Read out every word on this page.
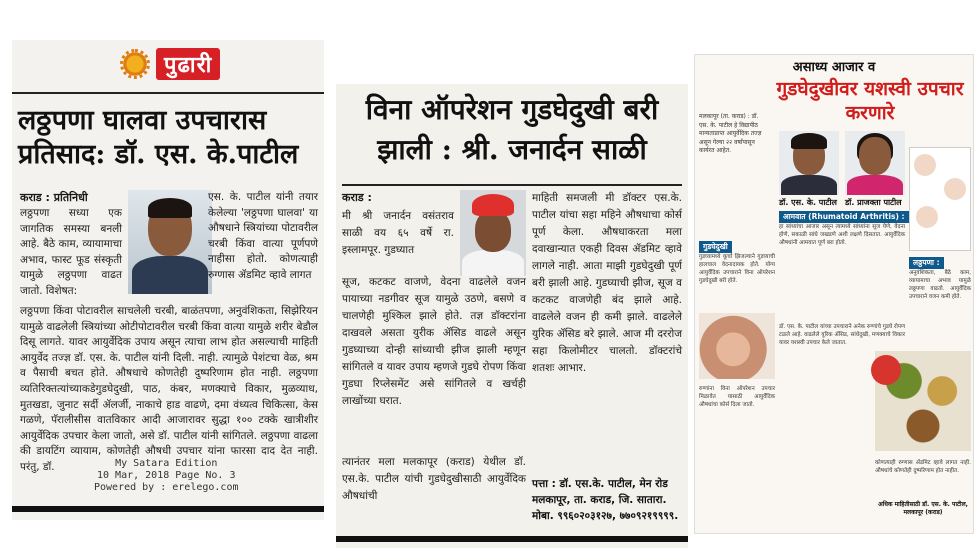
पुढारी
लठ्ठपणा घालवा उपचारास प्रतिसाद: डॉ. एस. के.पाटील
कराड : प्रतिनिधी
लठ्ठपणा सध्या एक जागतिक समस्या बनली आहे. बैठे काम, व्यायामाचा अभाव, फास्ट फूड संस्कृती यामुळे लठ्ठपणा वाढत जातो. विशेषत:
एस. के. पाटील यांनी तयार केलेल्या 'लठ्ठपणा घालवा' या औषधाने स्त्रियांच्या पोटावरील चरबी किंवा वात्या पूर्णपणे नाहीसा होतो. कोणत्याही रुग्णास ॲडमिट व्हावे लागत
लठ्ठपणा किंवा पोटावरील साचलेली चरबी, बाळंतपणा, अनुवंशिकता, सिझेरियन यामुळे वाढलेली स्त्रियांच्या ओटीपोटावरील चरबी किंवा वात्या यामुळे शरीर बेडौल दिसू लागते. यावर आयुर्वेदिक उपाय असून त्याचा लाभ होत असल्याची माहिती आयुर्वेद तज्ज्ञ डॉ. एस. के. पाटील यांनी दिली. नाही. त्यामुळे पेशंटचा वेळ, श्रम व पैसाची बचत होते. औषधाचे कोणतेही दुष्परिणाम होत नाही. लठ्ठपणा व्यतिरिक्तत्यांच्याकडेगुडघेदुखी, पाठ, कंबर, मणक्याचे विकार, मुळव्याध, मुतखडा, जुनाट सर्दी ॲलर्जी, नाकाचे हाड वाढणे, दमा वंध्यत्व चिकित्सा, केस गळणे, पॅरालीसीस वातविकार आदी आजारावर सुद्धा १०० टक्के खात्रीशीर आयुर्वेदिक उपचार केला जातो, असे डॉ. पाटील यांनी सांगितले. लठ्ठपणा वाढला की डायटिंग व्यायाम, कोणतेही औषधी उपचार यांना फारसा दाद देत नाही. परंतु, डॉ.	My Satara Edition
10 Mar, 2018 Page No. 3
Powered by : erelego.com
विना ऑपरेशन गुडघेदुखी बरी झाली : श्री. जनार्दन साळी
कराड :
मी श्री जनार्दन वसंतराव साळी वय ६५ वर्षे रा. इस्लामपूर. गुडघ्यात
सूज, कटकट वाजणे, वेदना वाढलेले वजन पायाच्या नडगीवर सूज यामुळे उठणे, बसणे व चालणेही मुश्किल झाले होते. तज्ञ डॉक्टरांना दाखवले असता युरीक ॲसिड वाढले असून गुडघ्याच्या दोन्ही सांध्याची झीज झाली म्हणून सांगितले व यावर उपाय म्हणजे गुडघे रोपण किंवा गुडघा रिप्लेसमेंट असे सांगितले व खर्चही लाखोंच्या घरात.
त्यानंतर मला मलकापूर (कराड) येथील डॉ. एस.के. पाटील यांची गुडघेदुखीसाठी आयुर्वेदिक औषधांची
माहिती समजली मी डॉक्टर एस.के. पाटील यांचा सहा महिने औषधाचा कोर्स पूर्ण केला. औषधाकरता मला दवाखान्यात एकही दिवस ॲडमिट व्हावे लागले नाही. आता माझी गुडघेदुखी पूर्ण बरी झाली आहे. गुडघ्याची झीज, सूज व कटकट वाजणेही बंद झाले आहे. वाढलेले वजन ही कमी झाले. वाढलेले युरिक ॲसिड बरे झाले. आज मी दररोज सहा किलोमीटर चालतो. डॉक्टरांचे शतशः आभार.
पत्ता : डॉ. एस.के. पाटील, मेन रोड मलकापूर, ता. कराड, जि. सातारा. मोबा. ९९६०२०३१२७, ७७०९२१९९९९.
असाध्य आजार व
गुडघेदुखीवर यशस्वी उपचार करणारे
मलकापूर (ता. कराड) : डॉ. एस. के. पाटील हे विद्यापीठ मान्यताप्राप्त आयुर्वेदिक तज्ज्ञ असून गेल्या २२ वर्षांपासून कार्यरत आहेत.
डॉ. एस. के. पाटील डॉ. प्राजक्ता पाटील
गुडघेदुखी
आमवात (Rhumatoid Arthritis) :
लठ्ठपणा :
गुडघ्यामध्ये कूर्चा झिजल्याने गुडघ्याची हालचाल वेदनादायक होते. योग्य आयुर्वेदिक उपचाराने विना ऑपरेशन गुडघेदुखी बरी होते.
हा सांध्यांचा आजार असून त्यामध्ये सांध्यांना सूज येणे, वेदना होणे, सकाळी सांधे जखडणे अशी लक्षणे दिसतात. आयुर्वेदिक औषधांनी आमवात पूर्ण बरा होतो.
अनुवंशिकता, बैठे काम, व्यायामाचा अभाव यामुळे लठ्ठपणा वाढतो. आयुर्वेदिक उपचाराने वजन कमी होते.
रुग्णांना विना ऑपरेशन उपचार मिळावेत यासाठी आयुर्वेदिक औषधांचा कोर्स दिला जातो.
डॉ. एस. के. पाटील यांच्या उपचाराने अनेक रुग्णांचे गुडघे रोपण टळले आहे. वाढलेले युरिक ॲसिड, सांधेदुखी, मणक्याचे विकार यावर यशस्वी उपचार केले जातात.
कोणत्याही रुग्णास ॲडमिट व्हावे लागत नाही. औषधांचे कोणतेही दुष्परिणाम होत नाहीत.
अधिक माहितीसाठी डॉ. एस. के. पाटील, मलकापूर (कराड)
